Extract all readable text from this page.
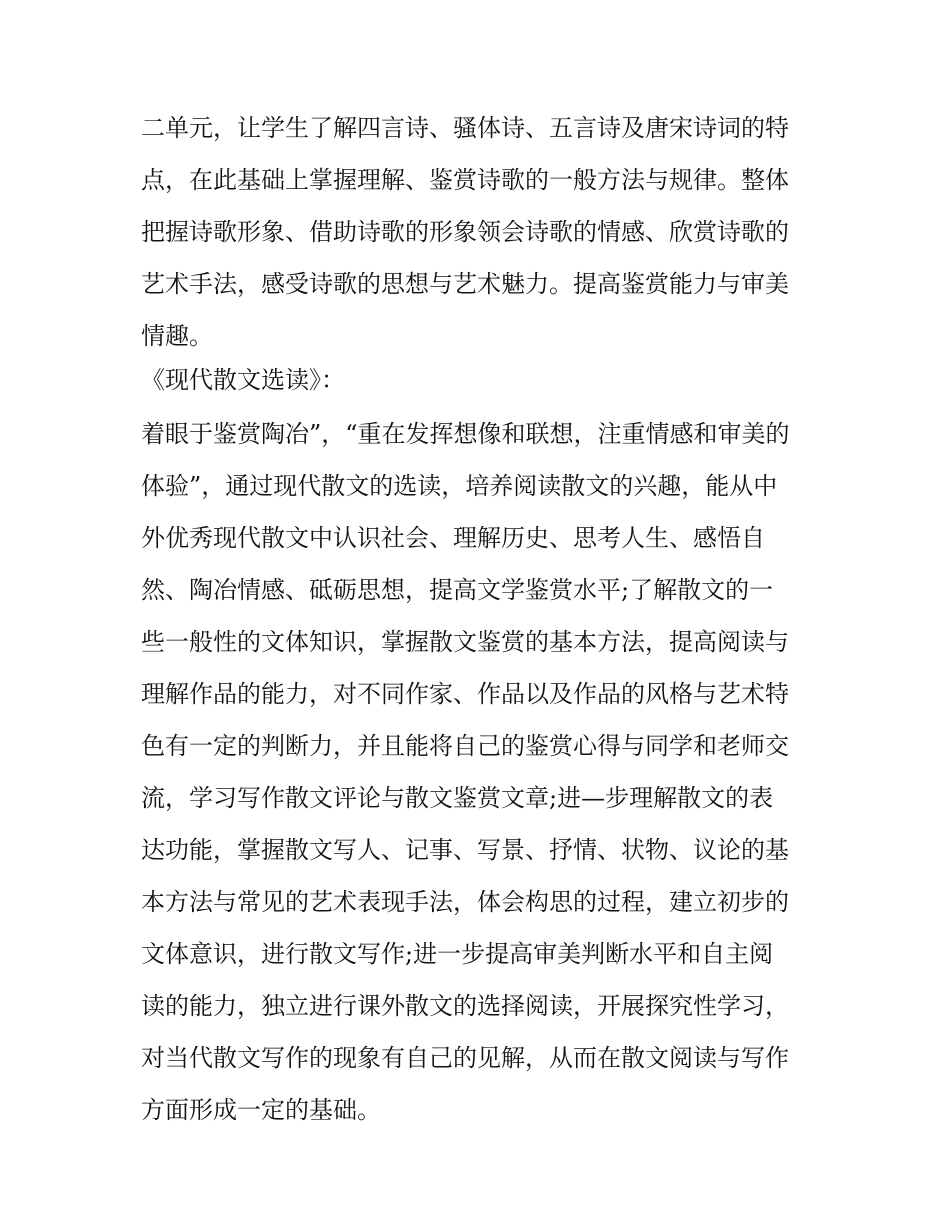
二单元，让学生了解四言诗、骚体诗、五言诗及唐宋诗词的特
点，在此基础上掌握理解、鉴赏诗歌的一般方法与规律。整体
把握诗歌形象、借助诗歌的形象领会诗歌的情感、欣赏诗歌的
艺术手法，感受诗歌的思想与艺术魅力。提高鉴赏能力与审美
情趣。
《现代散文选读》：
着眼于鉴赏陶冶”，“重在发挥想像和联想，注重情感和审美的
体验”，通过现代散文的选读，培养阅读散文的兴趣，能从中
外优秀现代散文中认识社会、理解历史、思考人生、感悟自
然、陶冶情感、砥砺思想，提高文学鉴赏水平;了解散文的一
些一般性的文体知识，掌握散文鉴赏的基本方法，提高阅读与
理解作品的能力，对不同作家、作品以及作品的风格与艺术特
色有一定的判断力，并且能将自己的鉴赏心得与同学和老师交
流，学习写作散文评论与散文鉴赏文章;进—步理解散文的表
达功能，掌握散文写人、记事、写景、抒情、状物、议论的基
本方法与常见的艺术表现手法，体会构思的过程，建立初步的
文体意识，进行散文写作;进一步提高审美判断水平和自主阅
读的能力，独立进行课外散文的选择阅读，开展探究性学习，
对当代散文写作的现象有自己的见解，从而在散文阅读与写作
方面形成一定的基础。
